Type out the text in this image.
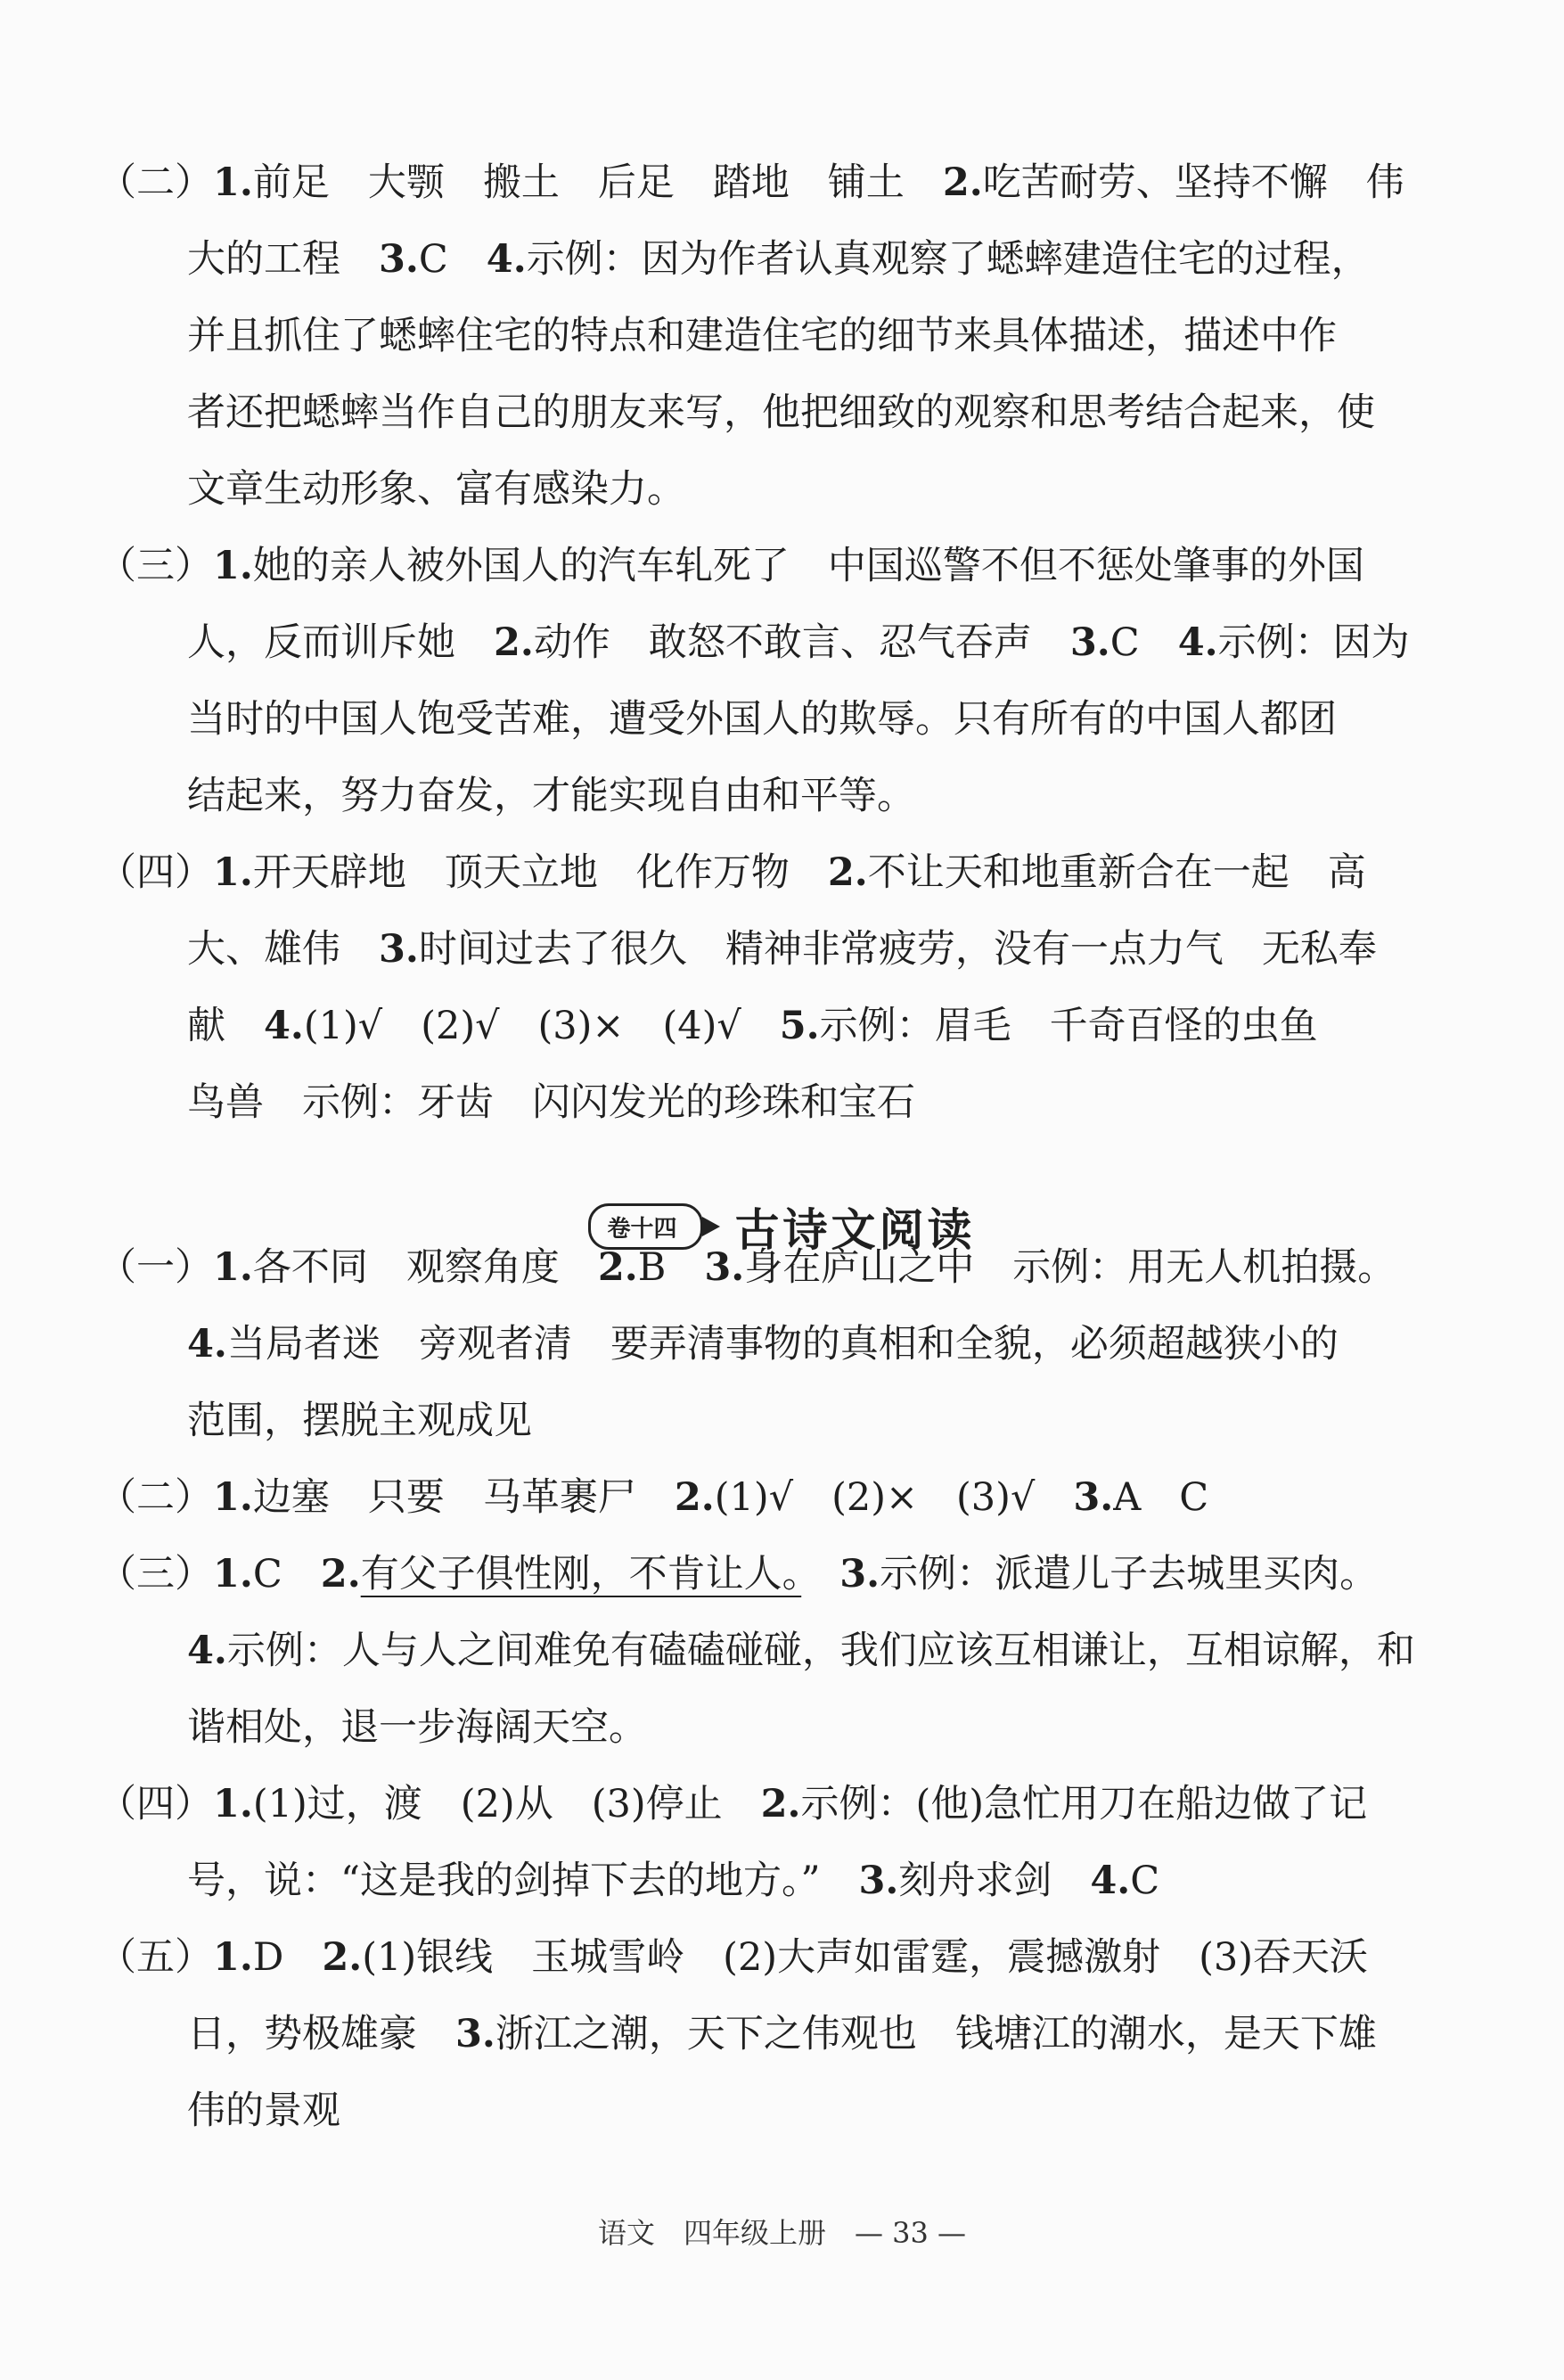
（二）1.前足　大颚　搬土　后足　踏地　铺土　2.吃苦耐劳、坚持不懈　伟
大的工程　3.C　4.示例：因为作者认真观察了蟋蟀建造住宅的过程，
并且抓住了蟋蟀住宅的特点和建造住宅的细节来具体描述，描述中作
者还把蟋蟀当作自己的朋友来写，他把细致的观察和思考结合起来，使
文章生动形象、富有感染力。
（三）1.她的亲人被外国人的汽车轧死了　中国巡警不但不惩处肇事的外国
人，反而训斥她　2.动作　敢怒不敢言、忍气吞声　3.C　4.示例：因为
当时的中国人饱受苦难，遭受外国人的欺辱。只有所有的中国人都团
结起来，努力奋发，才能实现自由和平等。
（四）1.开天辟地　顶天立地　化作万物　2.不让天和地重新合在一起　高
大、雄伟　3.时间过去了很久　精神非常疲劳，没有一点力气　无私奉
献　4.(1)√　(2)√　(3)×　(4)√　5.示例：眉毛　千奇百怪的虫鱼
鸟兽　示例：牙齿　闪闪发光的珍珠和宝石
（一）1.各不同　观察角度　2.B　3.身在庐山之中　示例：用无人机拍摄。
4.当局者迷　旁观者清　要弄清事物的真相和全貌，必须超越狭小的
范围，摆脱主观成见
（二）1.边塞　只要　马革裹尸　2.(1)√　(2)×　(3)√　3.A　C
（三）1.C　2.有父子俱性刚，不肯让人。　 3.示例：派遣儿子去城里买肉。
4.示例：人与人之间难免有磕磕碰碰，我们应该互相谦让，互相谅解，和
谐相处，退一步海阔天空。
（四）1.(1)过，渡　(2)从　(3)停止　2.示例：(他)急忙用刀在船边做了记
号，说：“这是我的剑掉下去的地方。”　3.刻舟求剑　4.C
（五）1.D　2.(1)银线　玉城雪岭　(2)大声如雷霆，震撼激射　(3)吞天沃
日，势极雄豪　3.浙江之潮，天下之伟观也　钱塘江的潮水，是天下雄
伟的景观
卷十四	古诗文阅读
语文　四年级上册　— 33 —
